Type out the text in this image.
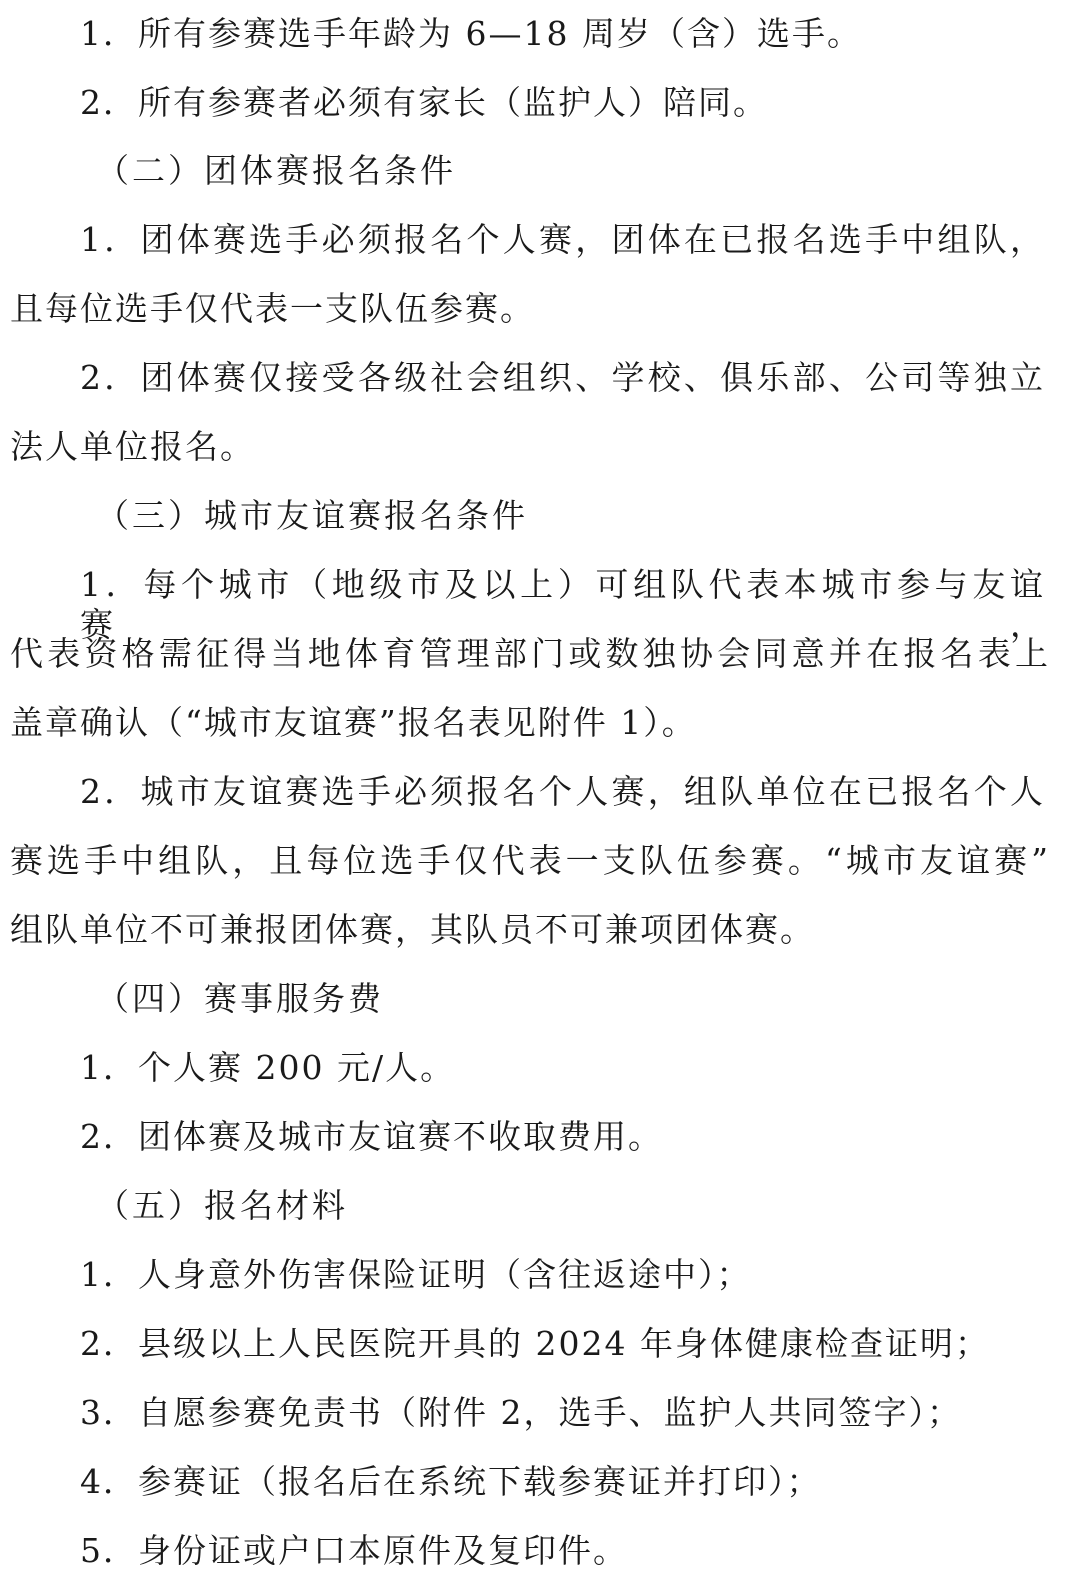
1．所有参赛选手年龄为 6—18 周岁（含）选手。
2．所有参赛者必须有家长（监护人）陪同。
（二）团体赛报名条件
1．团体赛选手必须报名个人赛，团体在已报名选手中组队，
且每位选手仅代表一支队伍参赛。
2．团体赛仅接受各级社会组织、学校、俱乐部、公司等独立
法人单位报名。
（三）城市友谊赛报名条件
1．每个城市（地级市及以上）可组队代表本城市参与友谊赛，
代表资格需征得当地体育管理部门或数独协会同意并在报名表上
盖章确认（“城市友谊赛”报名表见附件 1）。
2．城市友谊赛选手必须报名个人赛，组队单位在已报名个人
赛选手中组队，且每位选手仅代表一支队伍参赛。“城市友谊赛”
组队单位不可兼报团体赛，其队员不可兼项团体赛。
（四）赛事服务费
1．个人赛 200 元/人。
2．团体赛及城市友谊赛不收取费用。
（五）报名材料
1．人身意外伤害保险证明（含往返途中）；
2．县级以上人民医院开具的 2024 年身体健康检查证明；
3．自愿参赛免责书（附件 2，选手、监护人共同签字）；
4．参赛证（报名后在系统下载参赛证并打印）；
5．身份证或户口本原件及复印件。
